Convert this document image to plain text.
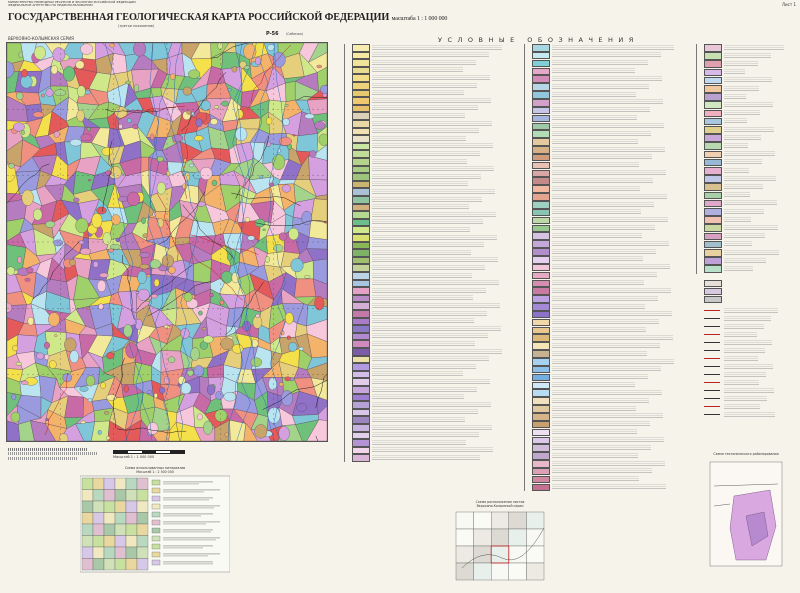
МИНИСТЕРСТВО ПРИРОДНЫХ РЕСУРСОВ И ЭКОЛОГИИ РОССИЙСКОЙ ФЕДЕРАЦИИ
ФЕДЕРАЛЬНОЕ АГЕНТСТВО ПО НЕДРОПОЛЬЗОВАНИЮ	Лист 1
ГОСУДАРСТВЕННАЯ ГЕОЛОГИЧЕСКАЯ КАРТА РОССИЙСКОЙ ФЕДЕРАЦИИ масштаба 1 : 1 000 000
(третье поколение)
ВЕРХОЯНО-КОЛЫМСКАЯ СЕРИЯ
P-56 (Сеймчан)
Масштаб 1 : 1 000 000
Схема использованных материалов
Масштаб 1 : 2 500 000
УСЛОВНЫЕ ОБОЗНАЧЕНИЯ
Схема расположения листов
Верхояно-Колымской серии
Схема тектонического районирования
